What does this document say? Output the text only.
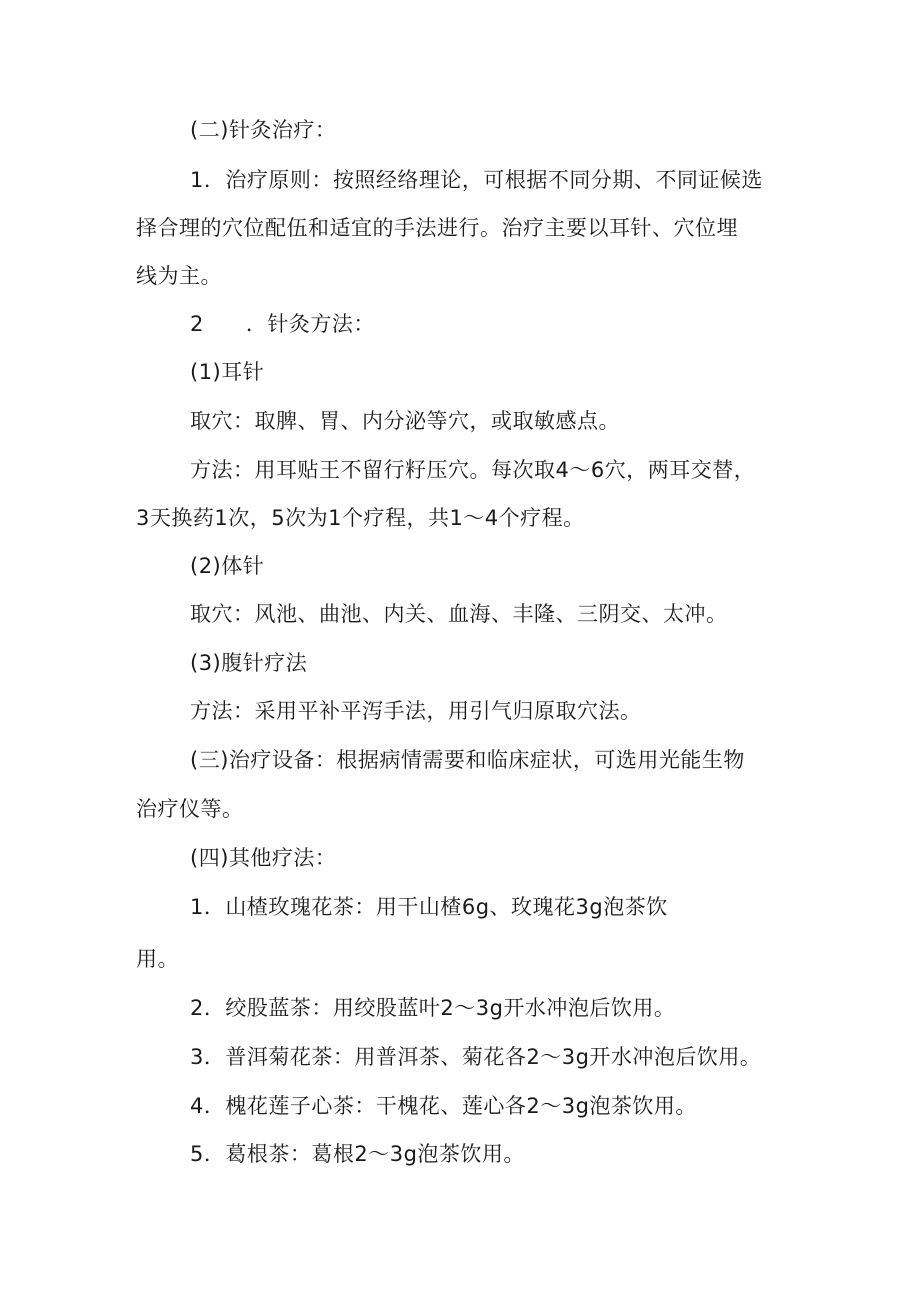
(二)针灸治疗：
1．治疗原则：按照经络理论，可根据不同分期、不同证候选
择合理的穴位配伍和适宜的手法进行。治疗主要以耳针、穴位埋
线为主。
2 ．针灸方法：
(1)耳针
取穴：取脾、胃、内分泌等穴，或取敏感点。
方法：用耳贴王不留行籽压穴。每次取4～6穴，两耳交替，
3天换药1次，5次为1个疗程，共1～4个疗程。
(2)体针
取穴：风池、曲池、内关、血海、丰隆、三阴交、太冲。
(3)腹针疗法
方法：采用平补平泻手法，用引气归原取穴法。
(三)治疗设备：根据病情需要和临床症状，可选用光能生物
治疗仪等。
(四)其他疗法：
1．山楂玫瑰花茶：用干山楂6g、玫瑰花3g泡茶饮
用。
2．绞股蓝茶：用绞股蓝叶2～3g开水冲泡后饮用。
3．普洱菊花茶：用普洱茶、菊花各2～3g开水冲泡后饮用。
4．槐花莲子心茶：干槐花、莲心各2～3g泡茶饮用。
5．葛根茶：葛根2～3g泡茶饮用。
